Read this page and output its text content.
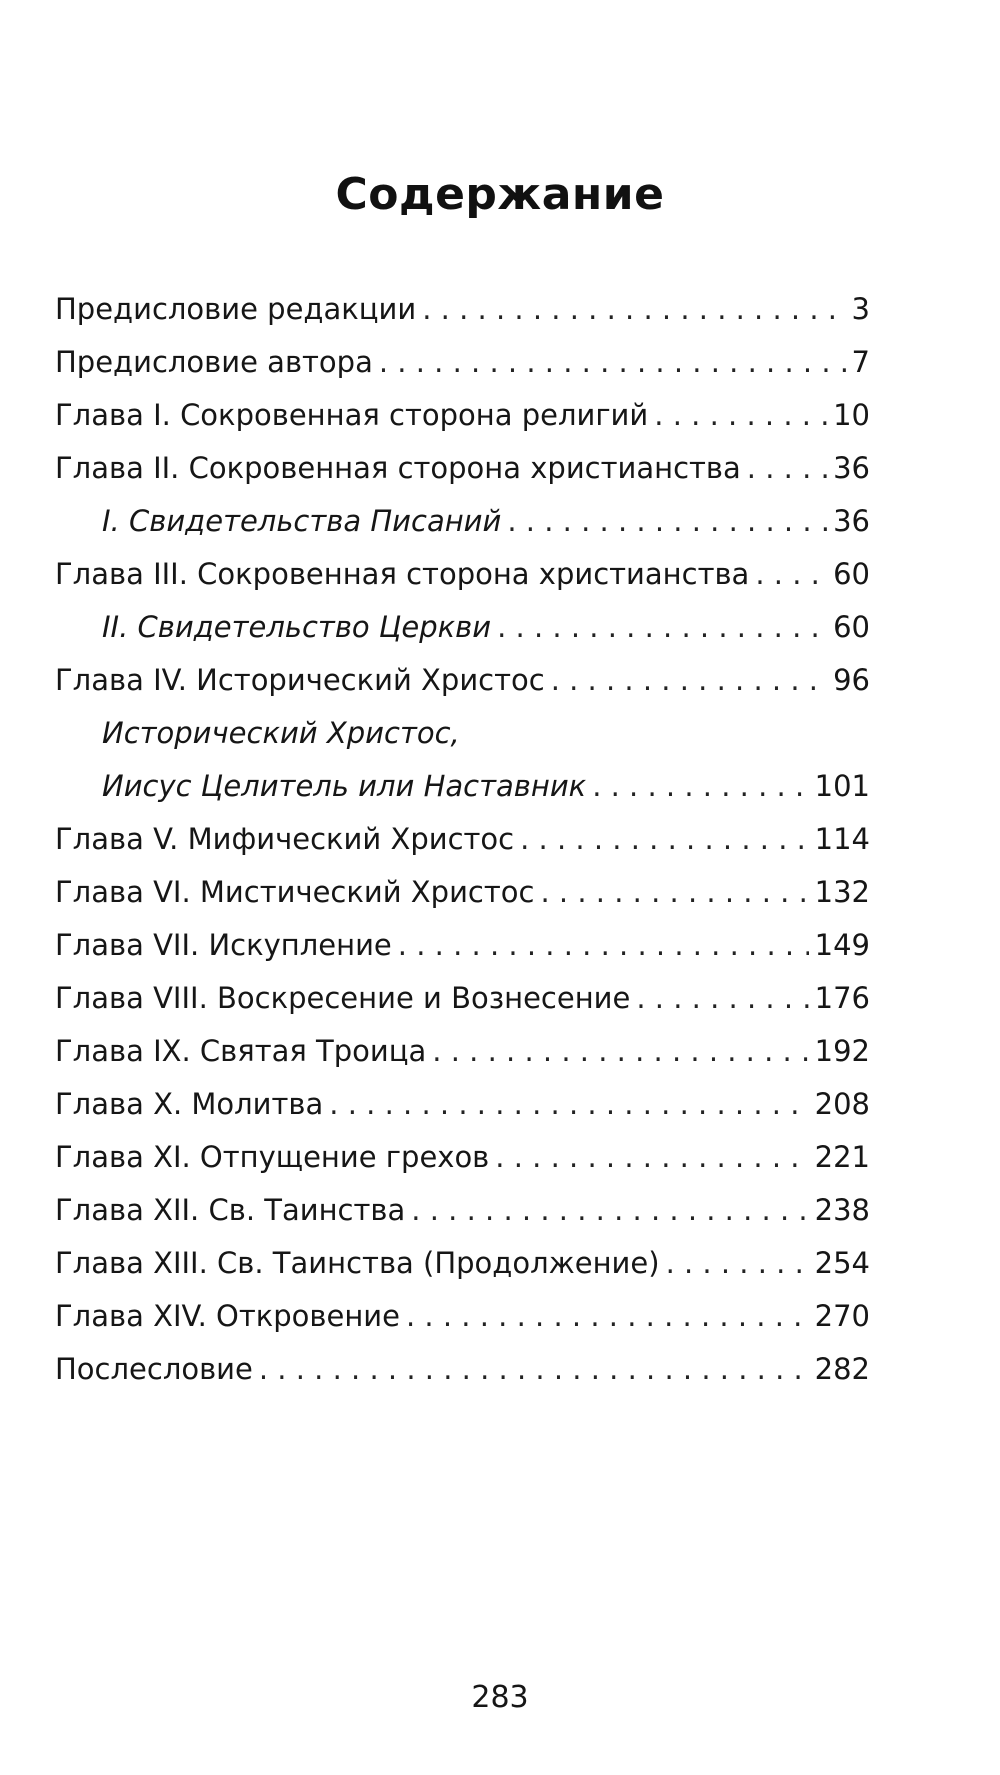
Содержание
Предисловие редакции . . .	3
Предисловие автора . . .	7
Глава I. Сокровенная сторона религий . . .	10
Глава II. Сокровенная сторона христианства . . .	36
I. Свидетельства Писаний . . .	36
Глава III. Сокровенная сторона христианства . . .	60
II. Свидетельство Церкви . . .	60
Глава IV. Исторический Христос . . .	96
Исторический Христос,
Иисус Целитель или Наставник . . .	101
Глава V. Мифический Христос . . .	114
Глава VI. Мистический Христос . . .	132
Глава VII. Искупление . . .	149
Глава VIII. Воскресение и Вознесение . . .	176
Глава IX. Святая Троица . . .	192
Глава X. Молитва . . .	208
Глава XI. Отпущение грехов . . .	221
Глава XII. Св. Таинства . . .	238
Глава XIII. Св. Таинства (Продолжение) . . .	254
Глава XIV. Откровение . . .	270
Послесловие . . .	282
283
